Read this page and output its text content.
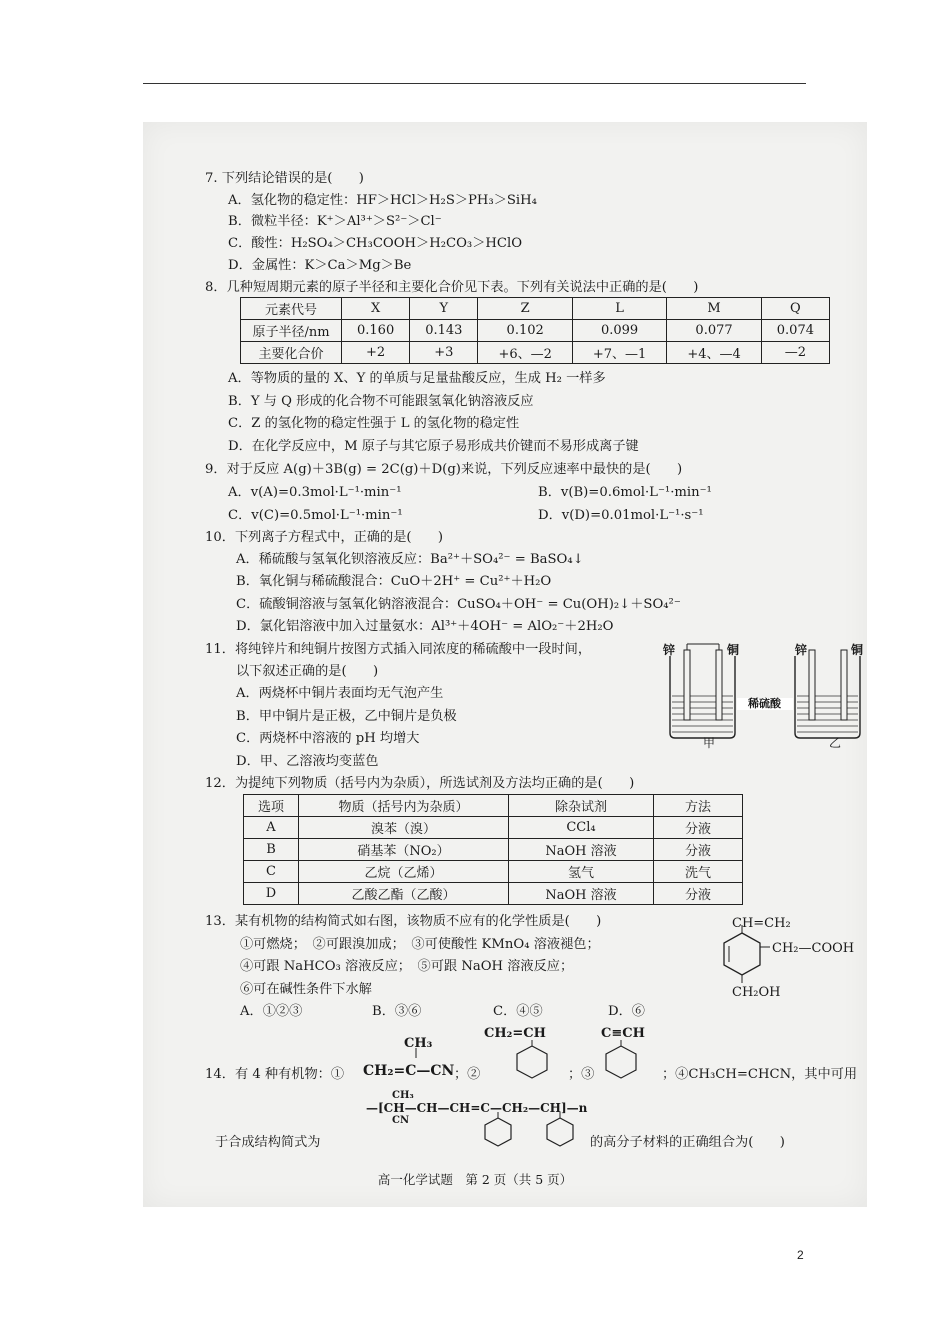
7. 下列结论错误的是(　　)
A．氢化物的稳定性：HF＞HCl＞H₂S＞PH₃＞SiH₄
B．微粒半径：K⁺＞Al³⁺＞S²⁻＞Cl⁻
C．酸性：H₂SO₄＞CH₃COOH＞H₂CO₃＞HClO
D．金属性：K＞Ca＞Mg＞Be
8．几种短周期元素的原子半径和主要化合价见下表。下列有关说法中正确的是(　　)
元素代号	X	Y	Z	L	M	Q
原子半径/nm	0.160	0.143	0.102	0.099	0.077	0.074
主要化合价	+2	+3	+6、—2	+7、—1	+4、—4	—2
A．等物质的量的 X、Y 的单质与足量盐酸反应，生成 H₂ 一样多
B．Y 与 Q 形成的化合物不可能跟氢氧化钠溶液反应
C．Z 的氢化物的稳定性强于 L 的氢化物的稳定性
D．在化学反应中，M 原子与其它原子易形成共价键而不易形成离子键
9．对于反应 A(g)＋3B(g) = 2C(g)＋D(g)来说，下列反应速率中最快的是(　　)
A．v(A)=0.3mol·L⁻¹·min⁻¹	B．v(B)=0.6mol·L⁻¹·min⁻¹
C．v(C)=0.5mol·L⁻¹·min⁻¹	D．v(D)=0.01mol·L⁻¹·s⁻¹
10．下列离子方程式中，正确的是(　　)
A．稀硫酸与氢氧化钡溶液反应：Ba²⁺＋SO₄²⁻ = BaSO₄↓
B．氧化铜与稀硫酸混合：CuO＋2H⁺ = Cu²⁺＋H₂O
C．硫酸铜溶液与氢氧化钠溶液混合：CuSO₄＋OH⁻ = Cu(OH)₂↓＋SO₄²⁻
D．氯化铝溶液中加入过量氨水：Al³⁺＋4OH⁻ = AlO₂⁻＋2H₂O
11．将纯锌片和纯铜片按图方式插入同浓度的稀硫酸中一段时间，
以下叙述正确的是(　　)
A．两烧杯中铜片表面均无气泡产生
B．甲中铜片是正极，乙中铜片是负极
C．两烧杯中溶液的 pH 均增大
D．甲、乙溶液均变蓝色
锌	铜
稀硫酸
甲
锌	铜
乙
12．为提纯下列物质（括号内为杂质），所选试剂及方法均正确的是(　　)
选项	物质（括号内为杂质）	除杂试剂	方法
A	溴苯（溴）	CCl₄	分液
B	硝基苯（NO₂）	NaOH 溶液	分液
C	乙烷（乙烯）	氢气	洗气
D	乙酸乙酯（乙酸）	NaOH 溶液	分液
13．某有机物的结构简式如右图，该物质不应有的化学性质是(　　)
①可燃烧；　②可跟溴加成；　③可使酸性 KMnO₄ 溶液褪色；
④可跟 NaHCO₃ 溶液反应；　⑤可跟 NaOH 溶液反应；
⑥可在碱性条件下水解
A．①②③	B．③⑥	C．④⑤	D．⑥
CH=CH₂
CH₂—COOH
CH₂OH
CH₃
CH₂=CH	C≡CH
14．有 4 种有机物：① CH₂=C—CN ；②	；③	；④CH₃CH=CHCN，其中可用
CH₃
—[CH—CH—CH=C—CH₂—CH]—n
CN
于合成结构简式为	的高分子材料的正确组合为(　　)
高一化学试题　第 2 页（共 5 页）
2
